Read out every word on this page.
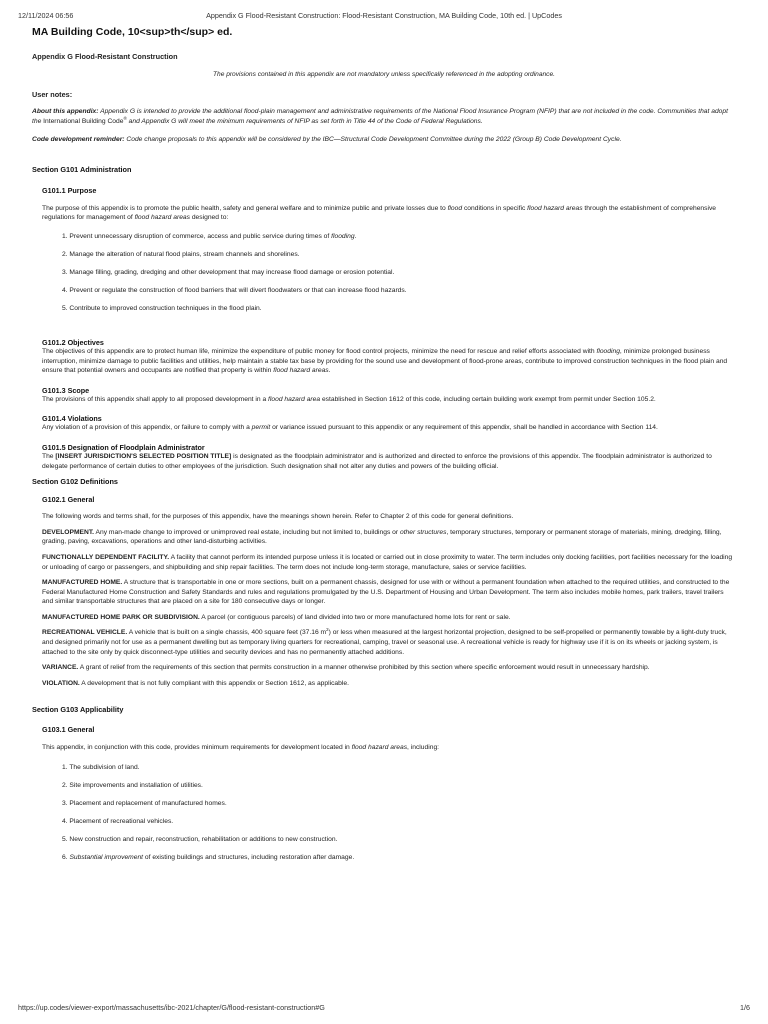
12/11/2024 06:56	Appendix G Flood-Resistant Construction: Flood-Resistant Construction, MA Building Code, 10th ed. | UpCodes
MA Building Code, 10<sup>th</sup> ed.
Appendix G Flood-Resistant Construction
The provisions contained in this appendix are not mandatory unless specifically referenced in the adopting ordinance.
User notes:

About this appendix: Appendix G is intended to provide the additional flood-plain management and administrative requirements of the National Flood Insurance Program (NFIP) that are not included in the code. Communities that adopt the International Building Code® and Appendix G will meet the minimum requirements of NFIP as set forth in Title 44 of the Code of Federal Regulations.

Code development reminder: Code change proposals to this appendix will be considered by the IBC—Structural Code Development Committee during the 2022 (Group B) Code Development Cycle.

Section G101 Administration
G101.1 Purpose

The purpose of this appendix is to promote the public health, safety and general welfare and to minimize public and private losses due to flood conditions in specific flood hazard areas through the establishment of comprehensive regulations for management of flood hazard areas designed to:

1. Prevent unnecessary disruption of commerce, access and public service during times of flooding.
2. Manage the alteration of natural flood plains, stream channels and shorelines.
3. Manage filling, grading, dredging and other development that may increase flood damage or erosion potential.
4. Prevent or regulate the construction of flood barriers that will divert floodwaters or that can increase flood hazards.
5. Contribute to improved construction techniques in the flood plain.
G101.2 Objectives

The objectives of this appendix are to protect human life, minimize the expenditure of public money for flood control projects, minimize the need for rescue and relief efforts associated with flooding, minimize prolonged business interruption, minimize damage to public facilities and utilities, help maintain a stable tax base by providing for the sound use and development of flood-prone areas, contribute to improved construction techniques in the flood plain and ensure that potential owners and occupants are notified that property is within flood hazard areas.

G101.3 Scope

The provisions of this appendix shall apply to all proposed development in a flood hazard area established in Section 1612 of this code, including certain building work exempt from permit under Section 105.2.

G101.4 Violations

Any violation of a provision of this appendix, or failure to comply with a permit or variance issued pursuant to this appendix or any requirement of this appendix, shall be handled in accordance with Section 114.

G101.5 Designation of Floodplain Administrator

The [INSERT JURISDICTION'S SELECTED POSITION TITLE] is designated as the floodplain administrator and is authorized and directed to enforce the provisions of this appendix. The floodplain administrator is authorized to delegate performance of certain duties to other employees of the jurisdiction. Such designation shall not alter any duties and powers of the building official.

Section G102 Definitions
G102.1 General

The following words and terms shall, for the purposes of this appendix, have the meanings shown herein. Refer to Chapter 2 of this code for general definitions.

DEVELOPMENT. Any man-made change to improved or unimproved real estate, including but not limited to, buildings or other structures, temporary structures, temporary or permanent storage of materials, mining, dredging, filling, grading, paving, excavations, operations and other land-disturbing activities.

FUNCTIONALLY DEPENDENT FACILITY. A facility that cannot perform its intended purpose unless it is located or carried out in close proximity to water. The term includes only docking facilities, port facilities necessary for the loading or unloading of cargo or passengers, and shipbuilding and ship repair facilities. The term does not include long-term storage, manufacture, sales or service facilities.

MANUFACTURED HOME. A structure that is transportable in one or more sections, built on a permanent chassis, designed for use with or without a permanent foundation when attached to the required utilities, and constructed to the Federal Manufactured Home Construction and Safety Standards and rules and regulations promulgated by the U.S. Department of Housing and Urban Development. The term also includes mobile homes, park trailers, travel trailers and similar transportable structures that are placed on a site for 180 consecutive days or longer.

MANUFACTURED HOME PARK OR SUBDIVISION. A parcel (or contiguous parcels) of land divided into two or more manufactured home lots for rent or sale.

RECREATIONAL VEHICLE. A vehicle that is built on a single chassis, 400 square feet (37.16 $m^2$) or less when measured at the largest horizontal projection, designed to be self-propelled or permanently towable by a light-duty truck, and designed primarily not for use as a permanent dwelling but as temporary living quarters for recreational, camping, travel or seasonal use. A recreational vehicle is ready for highway use if it is on its wheels or jacking system, is attached to the site only by quick disconnect-type utilities and security devices and has no permanently attached additions.

VARIANCE. A grant of relief from the requirements of this section that permits construction in a manner otherwise prohibited by this section where specific enforcement would result in unnecessary hardship.

VIOLATION. A development that is not fully compliant with this appendix or Section 1612, as applicable.

Section G103 Applicability
G103.1 General

This appendix, in conjunction with this code, provides minimum requirements for development located in flood hazard areas, including:

1. The subdivision of land.
2. Site improvements and installation of utilities.
3. Placement and replacement of manufactured homes.
4. Placement of recreational vehicles.
5. New construction and repair, reconstruction, rehabilitation or additions to new construction.
6. Substantial improvement of existing buildings and structures, including restoration after damage.
https://up.codes/viewer-export/massachusetts/ibc-2021/chapter/G/flood-resistant-construction#G	1/6
